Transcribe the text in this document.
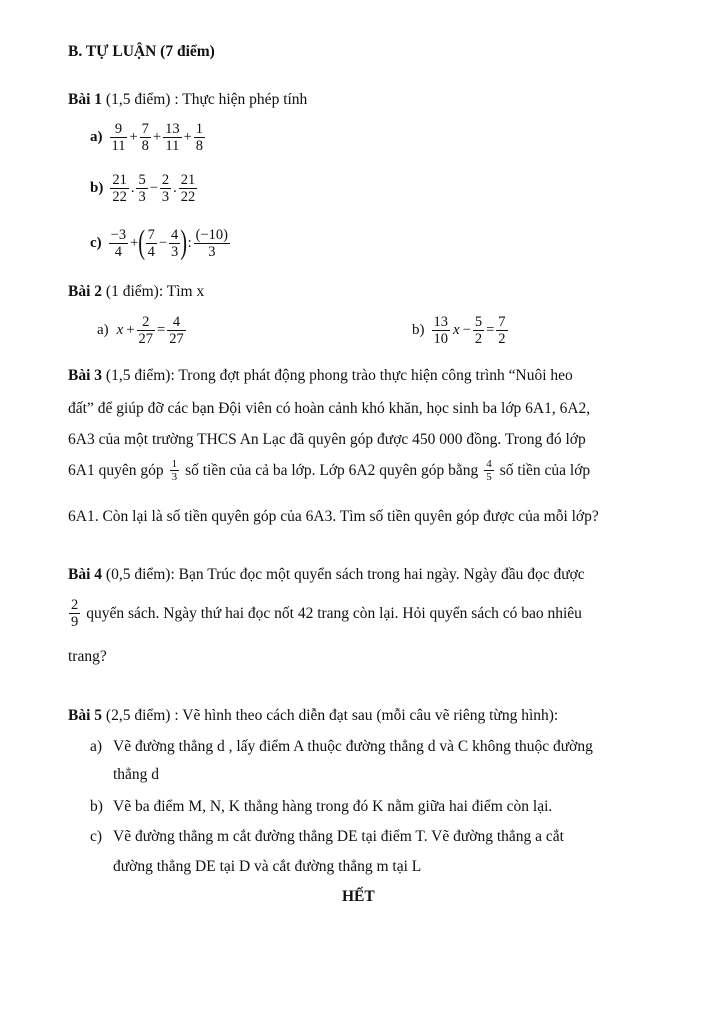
B. TỰ LUẬN (7 điểm)
Bài 1 (1,5 điểm) : Thực hiện phép tính
$a) \frac{9}{11} + \frac{7}{8} + \frac{13}{11} + \frac{1}{8}$
$b) \frac{21}{22}$ . $\frac{5}{3} - \frac{2}{3}$ . $\frac{21}{22}$
$c) \frac{-3}{4}$ + ( $\frac{7}{4} - \frac{4}{3}$ ) : $\frac{(-10)}{3}$
Bài 2 (1 điểm): Tìm x
a) $x + \frac{2}{27} = \frac{4}{27}$	$b) \frac{13}{10}$ $x - \frac{5}{2} = \frac{7}{2}$
Bài 3 (1,5 điểm): Trong đợt phát động phong trào thực hiện công trình “Nuôi heo
đất” để giúp đỡ các bạn Đội viên có hoàn cảnh khó khăn, học sinh ba lớp 6A1, 6A2,
6A3 của một trường THCS An Lạc đã quyên góp được 450 000 đồng. Trong đó lớp
6A1 quyên góp $\frac{1}{3}$ số tiền của cả ba lớp. Lớp 6A2 quyên góp bằng $\frac{4}{5}$ số tiền của lớp
6A1. Còn lại là số tiền quyên góp của 6A3. Tìm số tiền quyên góp được của mỗi lớp?
Bài 4 (0,5 điểm): Bạn Trúc đọc một quyển sách trong hai ngày. Ngày đầu đọc được
$\frac{2}{9}$ quyển sách. Ngày thứ hai đọc nốt 42 trang còn lại. Hỏi quyển sách có bao nhiêu
trang?
Bài 5 (2,5 điểm) : Vẽ hình theo cách diễn đạt sau (mỗi câu vẽ riêng từng hình):
a) Vẽ đường thẳng d , lấy điểm A thuộc đường thẳng d và C không thuộc đường
thẳng d
b) Vẽ ba điểm M, N, K thẳng hàng trong đó K nằm giữa hai điểm còn lại.
c) Vẽ đường thẳng m cắt đường thẳng DE tại điểm T. Vẽ đường thẳng a cắt
đường thẳng DE tại D và cắt đường thẳng m tại L
HẾT
